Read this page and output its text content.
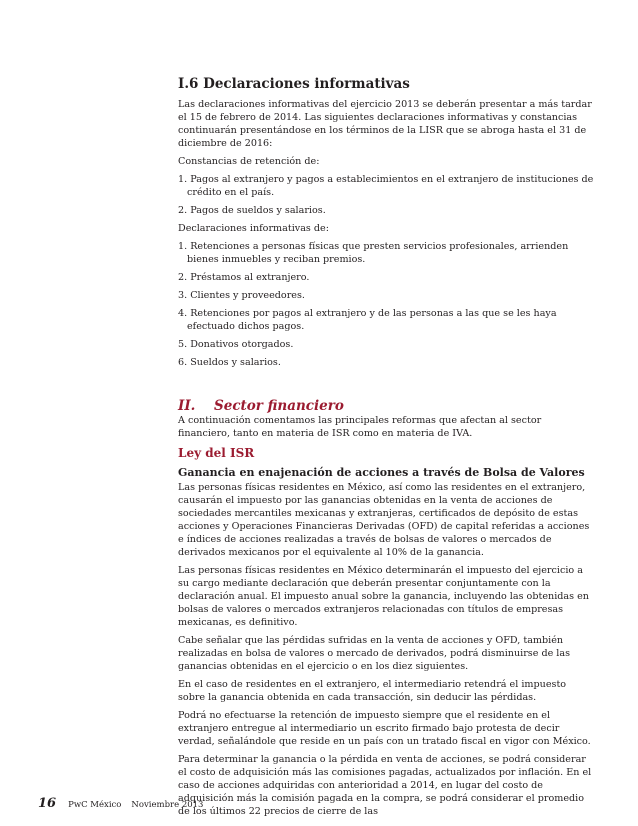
I.6 Declaraciones informativas

Las declaraciones informativas del ejercicio 2013 se deberán presentar a más tardar el 15 de febrero de 2014. Las siguientes declaraciones informativas y constancias continuarán presentándose en los términos de la LISR que se abroga hasta el 31 de diciembre de 2016:

Constancias de retención de:

1. Pagos al extranjero y pagos a establecimientos en el extranjero de instituciones de crédito en el país.
2. Pagos de sueldos y salarios.

Declaraciones informativas de:

1. Retenciones a personas físicas que presten servicios profesionales, arrienden bienes inmuebles y reciban premios.
2. Préstamos al extranjero.
3. Clientes y proveedores.
4. Retenciones por pagos al extranjero y de las personas a las que se les haya efectuado dichos pagos.
5. Donativos otorgados.
6. Sueldos y salarios.
II. Sector financiero

A continuación comentamos las principales reformas que afectan al sector financiero, tanto en materia de ISR como en materia de IVA.

Ley del ISR
Ganancia en enajenación de acciones a través de Bolsa de Valores

Las personas físicas residentes en México, así como las residentes en el extranjero, causarán el impuesto por las ganancias obtenidas en la venta de acciones de sociedades mercantiles mexicanas y extranjeras, certificados de depósito de estas acciones y Operaciones Financieras Derivadas (OFD) de capital referidas a acciones e índices de acciones realizadas a través de bolsas de valores o mercados de derivados mexicanos por el equivalente al 10% de la ganancia.

Las personas físicas residentes en México determinarán el impuesto del ejercicio a su cargo mediante declaración que deberán presentar conjuntamente con la declaración anual. El impuesto anual sobre la ganancia, incluyendo las obtenidas en bolsas de valores o mercados extranjeros relacionadas con títulos de empresas mexicanas, es definitivo.

Cabe señalar que las pérdidas sufridas en la venta de acciones y OFD, también realizadas en bolsa de valores o mercado de derivados, podrá disminuirse de las ganancias obtenidas en el ejercicio o en los diez siguientes.

En el caso de residentes en el extranjero, el intermediario retendrá el impuesto sobre la ganancia obtenida en cada transacción, sin deducir las pérdidas.

Podrá no efectuarse la retención de impuesto siempre que el residente en el extranjero entregue al intermediario un escrito firmado bajo protesta de decir verdad, señalándole que reside en un país con un tratado fiscal en vigor con México.

Para determinar la ganancia o la pérdida en venta de acciones, se podrá considerar el costo de adquisición más las comisiones pagadas, actualizados por inflación. En el caso de acciones adquiridas con anterioridad a 2014, en lugar del costo de adquisición más la comisión pagada en la compra, se podrá considerar el promedio de los últimos 22 precios de cierre de las

16 PwC México Noviembre 2013
